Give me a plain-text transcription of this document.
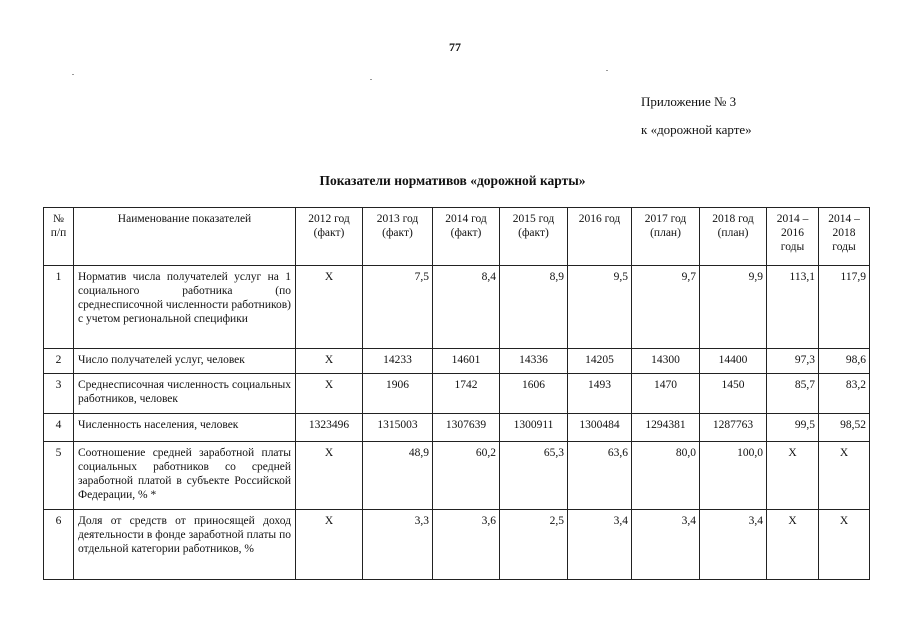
77
Приложение № 3
к «дорожной карте»
Показатели нормативов «дорожной карты»
№ п/п	Наименование показателей	2012 год (факт)	2013 год (факт)	2014 год (факт)	2015 год (факт)	2016 год	2017 год (план)	2018 год (план)	2014 – 2016 годы	2014 – 2018 годы
1	Норматив числа получателей услуг на 1 социального работника (по среднесписочной численности работников) с учетом региональной специфики	X	7,5	8,4	8,9	9,5	9,7	9,9	113,1	117,9
2	Число получателей услуг, человек	X	14233	14601	14336	14205	14300	14400	97,3	98,6
3	Среднесписочная численность социальных работников, человек	X	1906	1742	1606	1493	1470	1450	85,7	83,2
4	Численность населения, человек	1323496	1315003	1307639	1300911	1300484	1294381	1287763	99,5	98,52
5	Соотношение средней заработной платы социальных работников со средней заработной платой в субъекте Российской Федерации, % *	X	48,9	60,2	65,3	63,6	80,0	100,0	X	X
6	Доля от средств от приносящей доход деятельности в фонде заработной платы по отдельной категории работников, %	X	3,3	3,6	2,5	3,4	3,4	3,4	X	X
